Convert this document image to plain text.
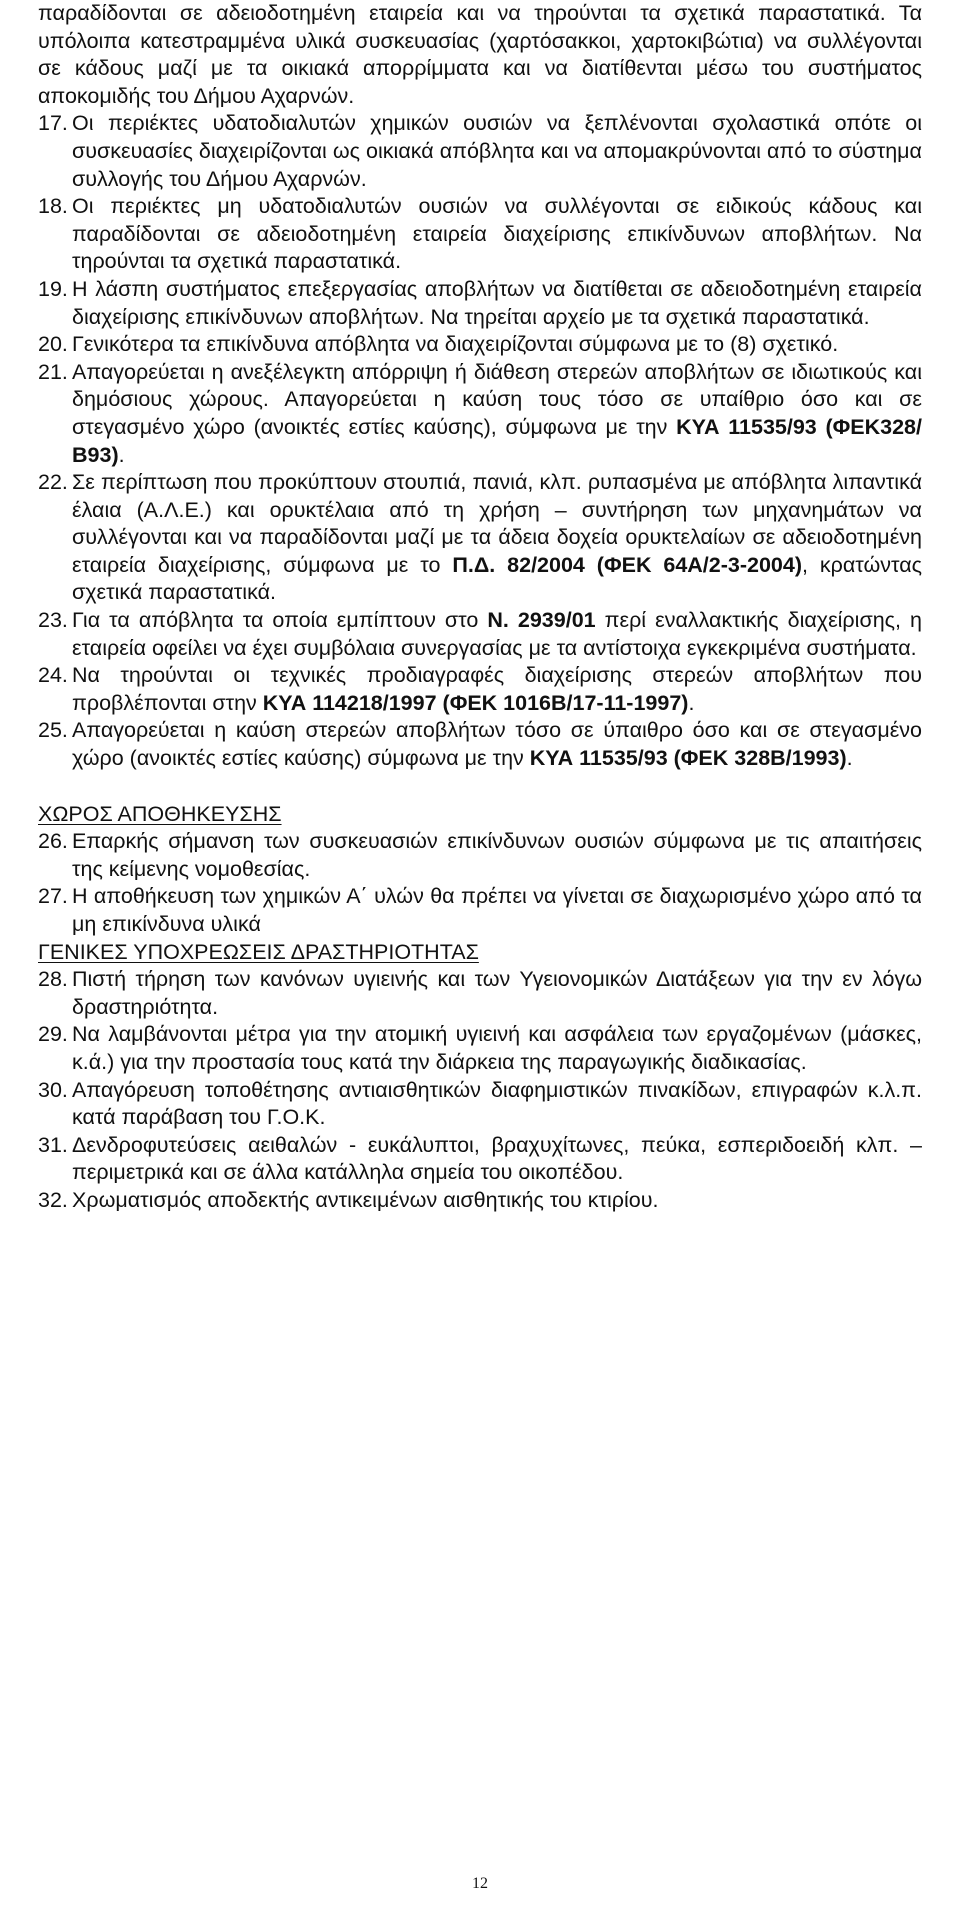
παραδίδονται σε αδειοδοτημένη εταιρεία και να τηρούνται τα σχετικά παραστατικά. Τα υπόλοιπα κατεστραμμένα υλικά συσκευασίας (χαρτόσακκοι, χαρτοκιβώτια) να συλλέγονται σε κάδους μαζί με τα οικιακά απορρίμματα και να διατίθενται μέσω του συστήματος αποκομιδής του Δήμου Αχαρνών.
17. Οι περιέκτες υδατοδιαλυτών χημικών ουσιών να ξεπλένονται σχολαστικά οπότε οι συσκευασίες διαχειρίζονται ως οικιακά απόβλητα και να απομακρύνονται από το σύστημα συλλογής του Δήμου Αχαρνών.
18. Οι περιέκτες μη υδατοδιαλυτών ουσιών να συλλέγονται σε ειδικούς κάδους και παραδίδονται σε αδειοδοτημένη εταιρεία διαχείρισης επικίνδυνων αποβλήτων. Να τηρούνται τα σχετικά παραστατικά.
19. Η λάσπη συστήματος επεξεργασίας αποβλήτων να διατίθεται σε αδειοδοτημένη εταιρεία διαχείρισης επικίνδυνων αποβλήτων. Να τηρείται αρχείο με τα σχετικά παραστατικά.
20. Γενικότερα τα επικίνδυνα απόβλητα να διαχειρίζονται σύμφωνα με το (8) σχετικό.
21. Απαγορεύεται η ανεξέλεγκτη απόρριψη ή διάθεση στερεών αποβλήτων σε ιδιωτικούς και δημόσιους χώρους. Απαγορεύεται η καύση τους τόσο σε υπαίθριο όσο και σε στεγασμένο χώρο (ανοικτές εστίες καύσης), σύμφωνα με την ΚΥΑ 11535/93 (ΦΕΚ328/Β93).
22. Σε περίπτωση που προκύπτουν στουπιά, πανιά, κλπ. ρυπασμένα με απόβλητα λιπαντικά έλαια (Α.Λ.Ε.) και ορυκτέλαια από τη χρήση – συντήρηση των μηχανημάτων να συλλέγονται και να παραδίδονται μαζί με τα άδεια δοχεία ορυκτελαίων σε αδειοδοτημένη εταιρεία διαχείρισης, σύμφωνα με το Π.Δ. 82/2004 (ΦΕΚ 64Α/2-3-2004), κρατώντας σχετικά παραστατικά.
23. Για τα απόβλητα τα οποία εμπίπτουν στο Ν. 2939/01 περί εναλλακτικής διαχείρισης, η εταιρεία οφείλει να έχει συμβόλαια συνεργασίας με τα αντίστοιχα εγκεκριμένα συστήματα.
24. Να τηρούνται οι τεχνικές προδιαγραφές διαχείρισης στερεών αποβλήτων που προβλέπονται στην ΚΥΑ 114218/1997 (ΦΕΚ 1016Β/17-11-1997).
25. Απαγορεύεται η καύση στερεών αποβλήτων τόσο σε ύπαιθρο όσο και σε στεγασμένο χώρο (ανοικτές εστίες καύσης) σύμφωνα με την ΚΥΑ 11535/93 (ΦΕΚ 328Β/1993).
ΧΩΡΟΣ ΑΠΟΘΗΚΕΥΣΗΣ
26. Επαρκής σήμανση των συσκευασιών επικίνδυνων ουσιών σύμφωνα με τις απαιτήσεις της κείμενης νομοθεσίας.
27. Η αποθήκευση των χημικών Α΄ υλών θα πρέπει να γίνεται σε διαχωρισμένο χώρο από τα μη επικίνδυνα υλικά
ΓΕΝΙΚΕΣ ΥΠΟΧΡΕΩΣΕΙΣ ΔΡΑΣΤΗΡΙΟΤΗΤΑΣ
28. Πιστή τήρηση των κανόνων υγιεινής και των Υγειονομικών Διατάξεων για την εν λόγω δραστηριότητα.
29. Να λαμβάνονται μέτρα για την ατομική υγιεινή και ασφάλεια των εργαζομένων (μάσκες, κ.ά.) για την προστασία τους κατά την διάρκεια της παραγωγικής διαδικασίας.
30. Απαγόρευση τοποθέτησης αντιαισθητικών διαφημιστικών πινακίδων, επιγραφών κ.λ.π. κατά παράβαση του Γ.Ο.Κ.
31. Δενδροφυτεύσεις αειθαλών - ευκάλυπτοι, βραχυχίτωνες, πεύκα, εσπεριδοειδή κλπ. – περιμετρικά και σε άλλα κατάλληλα σημεία του οικοπέδου.
32. Χρωματισμός αποδεκτής αντικειμένων αισθητικής του κτιρίου.
12
